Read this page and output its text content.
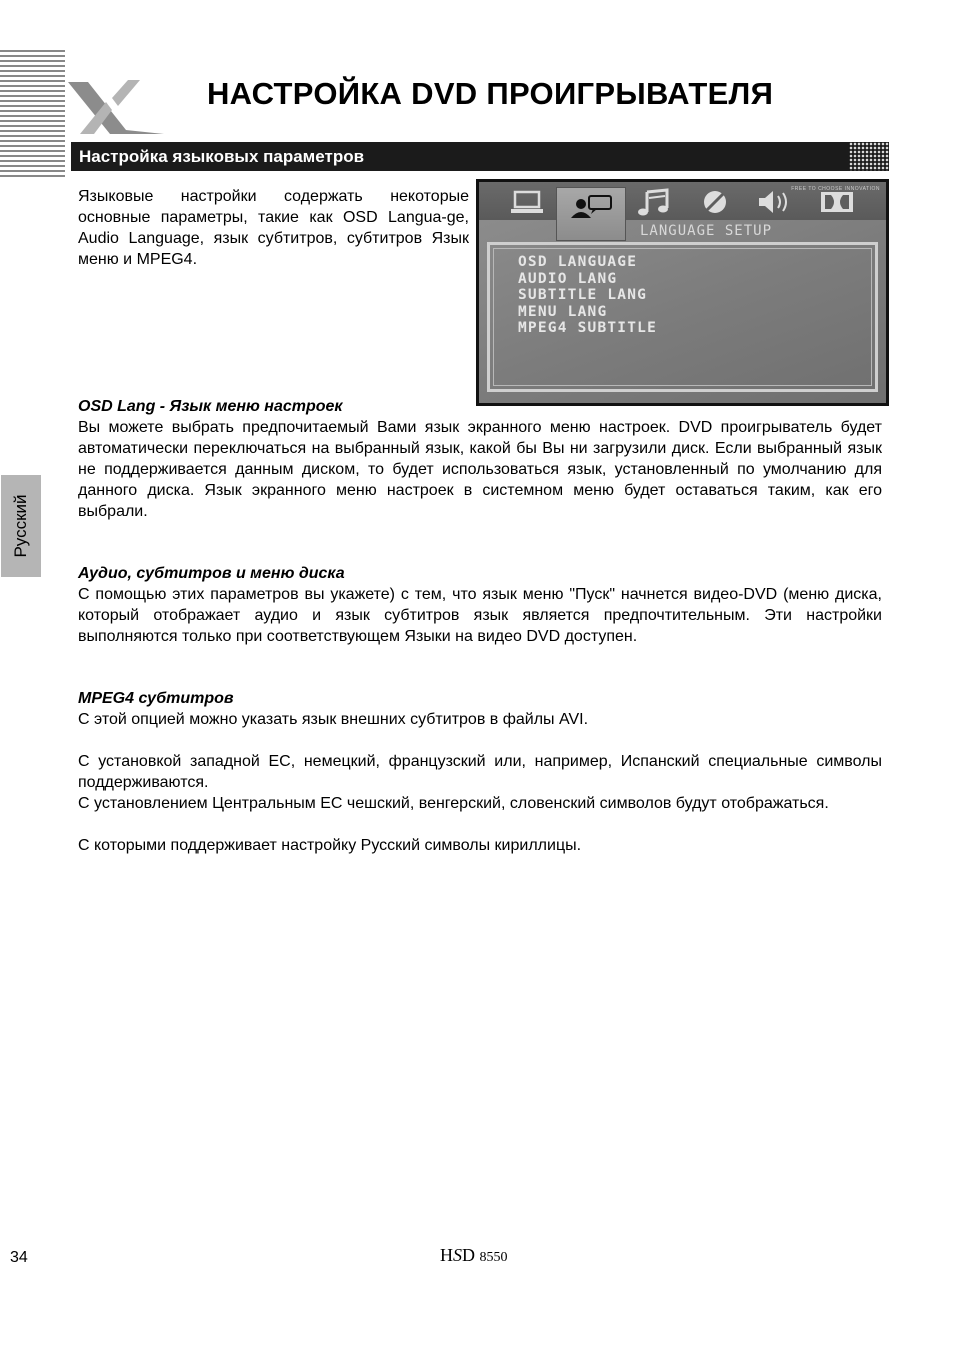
НАСТРОЙКА DVD ПРОИГРЫВАТЕЛЯ
Настройка языковых параметров
Русский

Языковые настройки содержать некоторые основные параметры, такие как OSD Langua-ge, Audio Language, язык субтитров, субтитров Язык меню и MPEG4.

FREE TO CHOOSE INNOVATION
LANGUAGE SETUP
OSD LANGUAGE
AUDIO LANG
SUBTITLE LANG
MENU LANG
MPEG4 SUBTITLE

OSD Lang - Язык меню настроек

Вы можете выбрать предпочитаемый Вами язык экранного меню настроек. DVD проигрыватель будет автоматически переключаться на выбранный язык, какой бы Вы ни загрузили диск. Если выбранный язык не поддерживается данным диском, то будет использоваться язык, установленный по умолчанию для данного диска. Язык экранного меню настроек в системном меню будет оставаться таким, как его выбрали.

Аудио, субтитров и меню диска

С помощью этих параметров вы укажете) с тем, что язык меню "Пуск" начнется видео-DVD (меню диска, который отображает аудио и язык субтитров язык является предпочтительным. Эти настройки выполняются только при соответствующем Языки на видео DVD доступен.

MPEG4 субтитров

С этой опцией можно указать язык внешних субтитров в файлы AVI.

С установкой западной ЕС, немецкий, французский или, например, Испанский специальные символы поддерживаются.

С установлением Центральным ЕС чешский, венгерский, словенский символов будут отображаться.

С которыми поддерживает настройку Русский символы кириллицы.

34	HSD 8550
